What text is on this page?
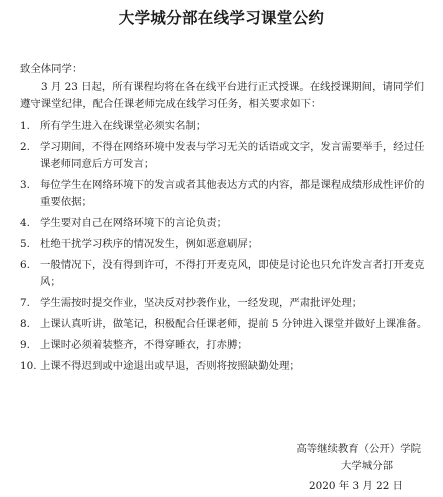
大学城分部在线学习课堂公约
致全体同学：
3 月 23 日起，所有课程均将在各在线平台进行正式授课。在线授课期间，请同学们遵守课堂纪律，配合任课老师完成在线学习任务，相关要求如下：
1. 所有学生进入在线课堂必须实名制；
2. 学习期间，不得在网络环境中发表与学习无关的话语或文字，发言需要举手，经过任课老师同意后方可发言；
3. 每位学生在网络环境下的发言或者其他表达方式的内容，都是课程成绩形成性评价的重要依据；
4. 学生要对自己在网络环境下的言论负责；
5. 杜绝干扰学习秩序的情况发生，例如恶意刷屏；
6. 一般情况下，没有得到许可，不得打开麦克风，即使是讨论也只允许发言者打开麦克风；
7. 学生需按时提交作业，坚决反对抄袭作业，一经发现，严肃批评处理；
8. 上课认真听讲，做笔记，积极配合任课老师，提前 5 分钟进入课堂并做好上课准备。
9. 上课时必须着装整齐，不得穿睡衣，打赤膊；
10. 上课不得迟到或中途退出或早退，否则将按照缺勤处理；
高等继续教育（公开）学院
大学城分部
2020 年 3 月 22 日
